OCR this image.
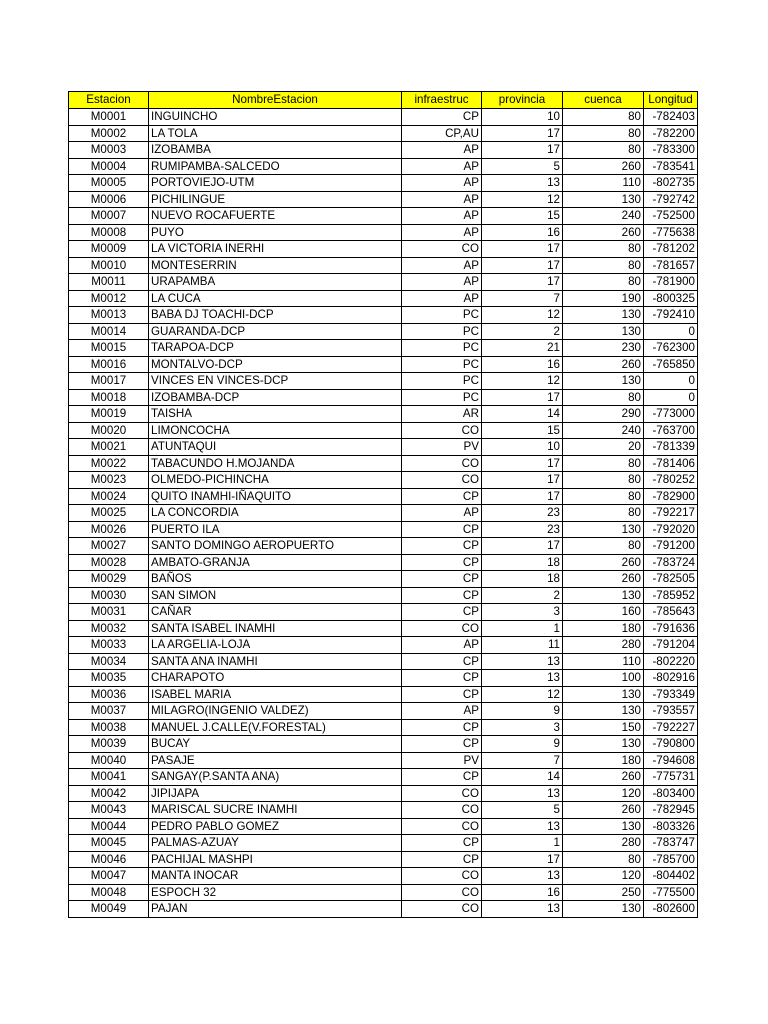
Estacion	NombreEstacion	infraestruc	provincia	cuenca	Longitud
M0001	INGUINCHO	CP	10	80	-782403
M0002	LA TOLA	CP,AU	17	80	-782200
M0003	IZOBAMBA	AP	17	80	-783300
M0004	RUMIPAMBA-SALCEDO	AP	5	260	-783541
M0005	PORTOVIEJO-UTM	AP	13	110	-802735
M0006	PICHILINGUE	AP	12	130	-792742
M0007	NUEVO ROCAFUERTE	AP	15	240	-752500
M0008	PUYO	AP	16	260	-775638
M0009	LA VICTORIA INERHI	CO	17	80	-781202
M0010	MONTESERRIN	AP	17	80	-781657
M0011	URAPAMBA	AP	17	80	-781900
M0012	LA CUCA	AP	7	190	-800325
M0013	BABA DJ TOACHI-DCP	PC	12	130	-792410
M0014	GUARANDA-DCP	PC	2	130	0
M0015	TARAPOA-DCP	PC	21	230	-762300
M0016	MONTALVO-DCP	PC	16	260	-765850
M0017	VINCES EN VINCES-DCP	PC	12	130	0
M0018	IZOBAMBA-DCP	PC	17	80	0
M0019	TAISHA	AR	14	290	-773000
M0020	LIMONCOCHA	CO	15	240	-763700
M0021	ATUNTAQUI	PV	10	20	-781339
M0022	TABACUNDO H.MOJANDA	CO	17	80	-781406
M0023	OLMEDO-PICHINCHA	CO	17	80	-780252
M0024	QUITO INAMHI-IÑAQUITO	CP	17	80	-782900
M0025	LA CONCORDIA	AP	23	80	-792217
M0026	PUERTO ILA	CP	23	130	-792020
M0027	SANTO DOMINGO AEROPUERTO	CP	17	80	-791200
M0028	AMBATO-GRANJA	CP	18	260	-783724
M0029	BAÑOS	CP	18	260	-782505
M0030	SAN SIMON	CP	2	130	-785952
M0031	CAÑAR	CP	3	160	-785643
M0032	SANTA ISABEL INAMHI	CO	1	180	-791636
M0033	LA ARGELIA-LOJA	AP	11	280	-791204
M0034	SANTA ANA INAMHI	CP	13	110	-802220
M0035	CHARAPOTO	CP	13	100	-802916
M0036	ISABEL MARIA	CP	12	130	-793349
M0037	MILAGRO(INGENIO VALDEZ)	AP	9	130	-793557
M0038	MANUEL J.CALLE(V.FORESTAL)	CP	3	150	-792227
M0039	BUCAY	CP	9	130	-790800
M0040	PASAJE	PV	7	180	-794608
M0041	SANGAY(P.SANTA ANA)	CP	14	260	-775731
M0042	JIPIJAPA	CO	13	120	-803400
M0043	MARISCAL SUCRE INAMHI	CO	5	260	-782945
M0044	PEDRO PABLO GOMEZ	CO	13	130	-803326
M0045	PALMAS-AZUAY	CP	1	280	-783747
M0046	PACHIJAL MASHPI	CP	17	80	-785700
M0047	MANTA INOCAR	CO	13	120	-804402
M0048	ESPOCH 32	CO	16	250	-775500
M0049	PAJAN	CO	13	130	-802600
